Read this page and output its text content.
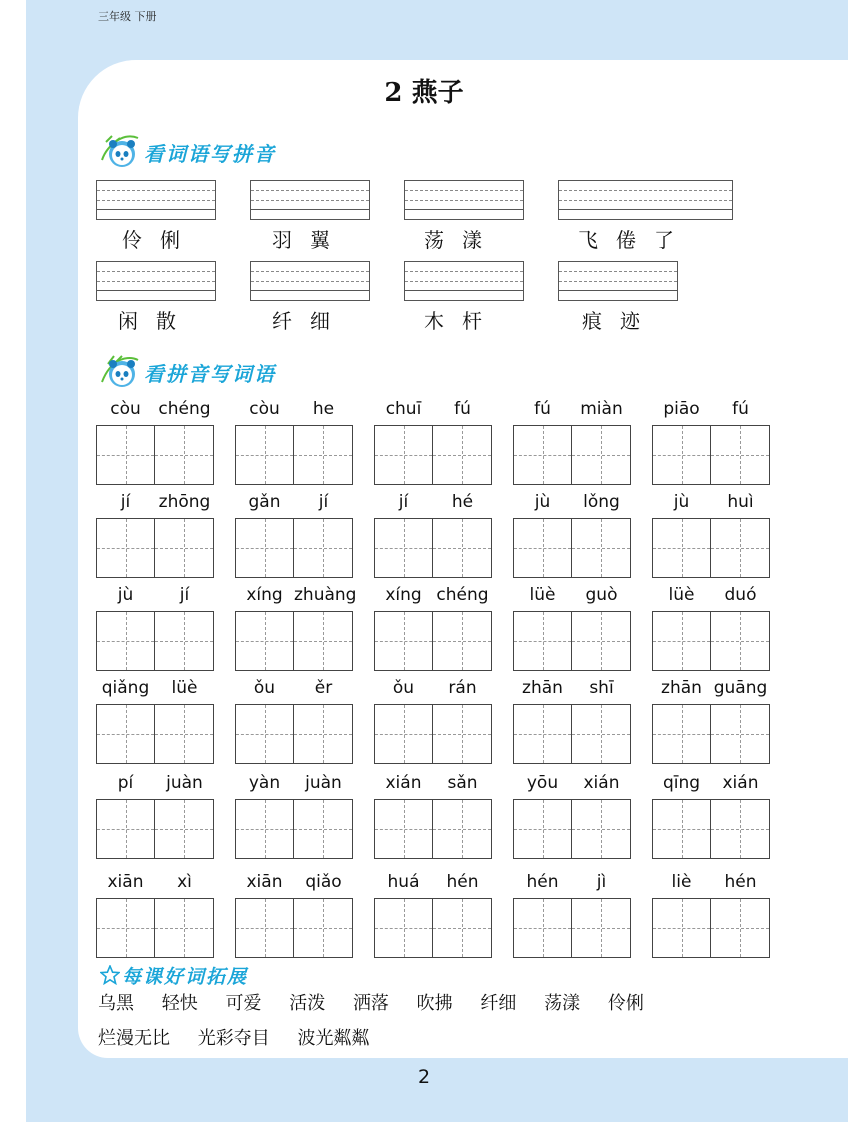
三年级 下册
2 燕子
看词语写拼音
伶俐	羽翼	荡漾	飞倦了
闲散	纤细	木杆	痕迹
看拼音写词语
còu	chéng	còu	he	chuī	fú	fú	miàn	piāo	fú
jí	zhōng	gǎn	jí	jí	hé	jù	lǒng	jù	huì
jù	jí	xíng zhuàng	xíng chéng	lüè	guò	lüè	duó
qiǎng	lüè	ǒu	ěr	ǒu	rán	zhān	shī	zhān guāng
pí	juàn	yàn	juàn	xián	sǎn	yōu	xián	qīng	xián
xiān	xì	xiān	qiǎo	huá	hén	hén	jì	liè	hén
每课好词拓展
乌黑 轻快 可爱 活泼 洒落 吹拂 纤细 荡漾 伶俐
烂漫无比 光彩夺目 波光粼粼
2
